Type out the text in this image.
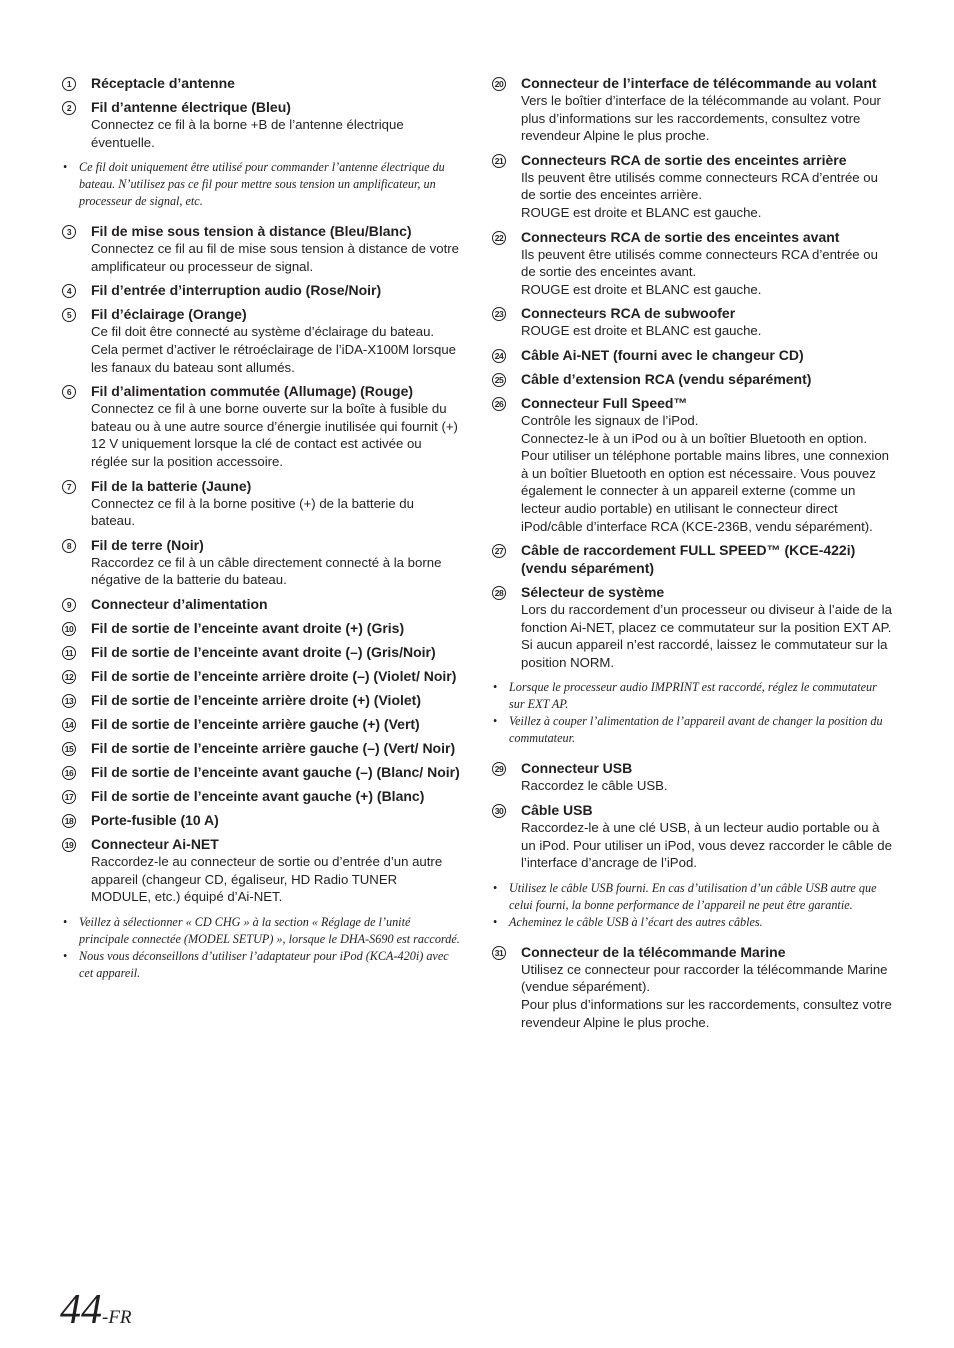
1	Réceptacle d’antenne
2	Fil d’antenne électrique (Bleu)
Connectez ce fil à la borne +B de l’antenne électrique éventuelle.
• Ce fil doit uniquement être utilisé pour commander l’antenne électrique du bateau. N’utilisez pas ce fil pour mettre sous tension un amplificateur, un processeur de signal, etc.
3	Fil de mise sous tension à distance (Bleu/Blanc)
Connectez ce fil au fil de mise sous tension à distance de votre amplificateur ou processeur de signal.
4	Fil d’entrée d’interruption audio (Rose/Noir)
5	Fil d’éclairage (Orange)
Ce fil doit être connecté au système d’éclairage du bateau. Cela permet d’activer le rétroéclairage de l’iDA-X100M lorsque les fanaux du bateau sont allumés.
6	Fil d’alimentation commutée (Allumage) (Rouge)
Connectez ce fil à une borne ouverte sur la boîte à fusible du bateau ou à une autre source d’énergie inutilisée qui fournit (+) 12 V uniquement lorsque la clé de contact est activée ou réglée sur la position accessoire.
7	Fil de la batterie (Jaune)
Connectez ce fil à la borne positive (+) de la batterie du bateau.
8	Fil de terre (Noir)
Raccordez ce fil à un câble directement connecté à la borne négative de la batterie du bateau.
9	Connecteur d’alimentation
10 Fil de sortie de l’enceinte avant droite (+) (Gris)
11 Fil de sortie de l’enceinte avant droite (–) (Gris/Noir)
12 Fil de sortie de l’enceinte arrière droite (–) (Violet/ Noir)
13 Fil de sortie de l’enceinte arrière droite (+) (Violet)
14 Fil de sortie de l’enceinte arrière gauche (+) (Vert)
15 Fil de sortie de l’enceinte arrière gauche (–) (Vert/ Noir)
16 Fil de sortie de l’enceinte avant gauche (–) (Blanc/ Noir)
17 Fil de sortie de l’enceinte avant gauche (+) (Blanc)
18 Porte-fusible (10 A)
19 Connecteur Ai-NET
Raccordez-le au connecteur de sortie ou d’entrée d’un autre appareil (changeur CD, égaliseur, HD Radio TUNER MODULE, etc.) équipé d’Ai-NET.
• Veillez à sélectionner « CD CHG » à la section « Réglage de l’unité principale connectée (MODEL SETUP) », lorsque le DHA-S690 est raccordé.
• Nous vous déconseillons d’utiliser l’adaptateur pour iPod (KCA-420i) avec cet appareil.
20 Connecteur de l’interface de télécommande au volant
Vers le boîtier d’interface de la télécommande au volant. Pour plus d’informations sur les raccordements, consultez votre revendeur Alpine le plus proche.
21 Connecteurs RCA de sortie des enceintes arrière
Ils peuvent être utilisés comme connecteurs RCA d’entrée ou de sortie des enceintes arrière.
ROUGE est droite et BLANC est gauche.
22 Connecteurs RCA de sortie des enceintes avant
Ils peuvent être utilisés comme connecteurs RCA d’entrée ou de sortie des enceintes avant.
ROUGE est droite et BLANC est gauche.
23 Connecteurs RCA de subwoofer
ROUGE est droite et BLANC est gauche.
24 Câble Ai-NET (fourni avec le changeur CD)
25 Câble d’extension RCA (vendu séparément)
26 Connecteur Full Speed™
Contrôle les signaux de l’iPod.
Connectez-le à un iPod ou à un boîtier Bluetooth en option. Pour utiliser un téléphone portable mains libres, une connexion à un boîtier Bluetooth en option est nécessaire. Vous pouvez également le connecter à un appareil externe (comme un lecteur audio portable) en utilisant le connecteur direct iPod/câble d’interface RCA (KCE-236B, vendu séparément).
27 Câble de raccordement FULL SPEED™ (KCE-422i) (vendu séparément)
28 Sélecteur de système
Lors du raccordement d’un processeur ou diviseur à l’aide de la fonction Ai-NET, placez ce commutateur sur la position EXT AP. Si aucun appareil n’est raccordé, laissez le commutateur sur la position NORM.
• Lorsque le processeur audio IMPRINT est raccordé, réglez le commutateur sur EXT AP.
• Veillez à couper l’alimentation de l’appareil avant de changer la position du commutateur.
29 Connecteur USB
Raccordez le câble USB.
30 Câble USB
Raccordez-le à une clé USB, à un lecteur audio portable ou à un iPod. Pour utiliser un iPod, vous devez raccorder le câble de l’interface d’ancrage de l’iPod.
• Utilisez le câble USB fourni. En cas d’utilisation d’un câble USB autre que celui fourni, la bonne performance de l’appareil ne peut être garantie.
• Acheminez le câble USB à l’écart des autres câbles.
31 Connecteur de la télécommande Marine
Utilisez ce connecteur pour raccorder la télécommande Marine (vendue séparément).
Pour plus d’informations sur les raccordements, consultez votre revendeur Alpine le plus proche.
44-FR
